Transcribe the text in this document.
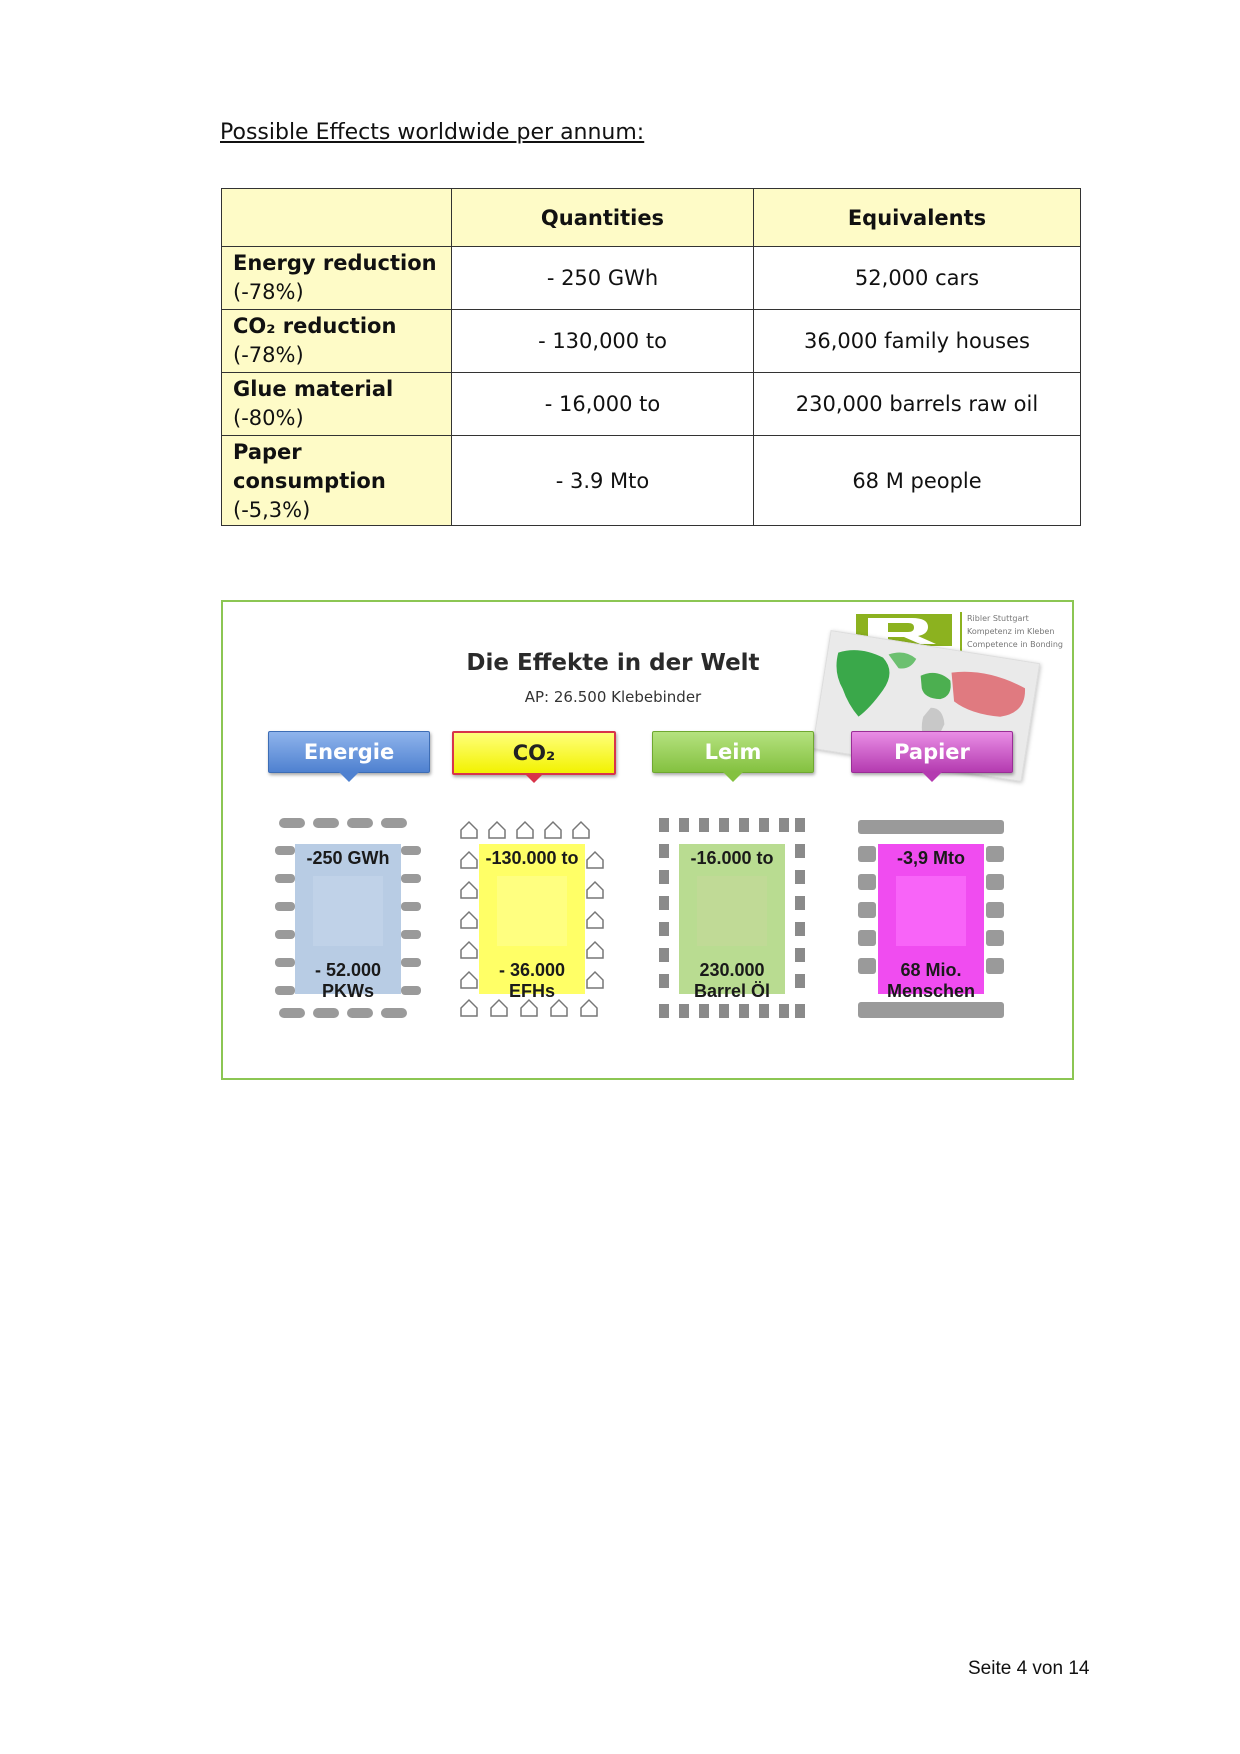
Possible Effects worldwide per annum:
	Quantities	Equivalents

Energy reduction
(-78%)	- 250 GWh	52,000 cars

CO₂ reduction
(-78%)	- 130,000 to	36,000 family houses

Glue material
(-80%)	- 16,000 to	230,000 barrels raw oil

Paper consumption
(-5,3%)	- 3.9 Mto	68 M people
Ribler Stuttgart
Kompetenz im Kleben
Competence in Bonding
Die Effekte in der Welt
AP: 26.500 Klebebinder
Energie	CO₂	Leim	Papier
-250 GWh
- 52.000
PKWs
-130.000 to
- 36.000
EFHs
-16.000 to
230.000
Barrel Öl
-3,9 Mto
68 Mio.
Menschen
Seite 4 von 14
